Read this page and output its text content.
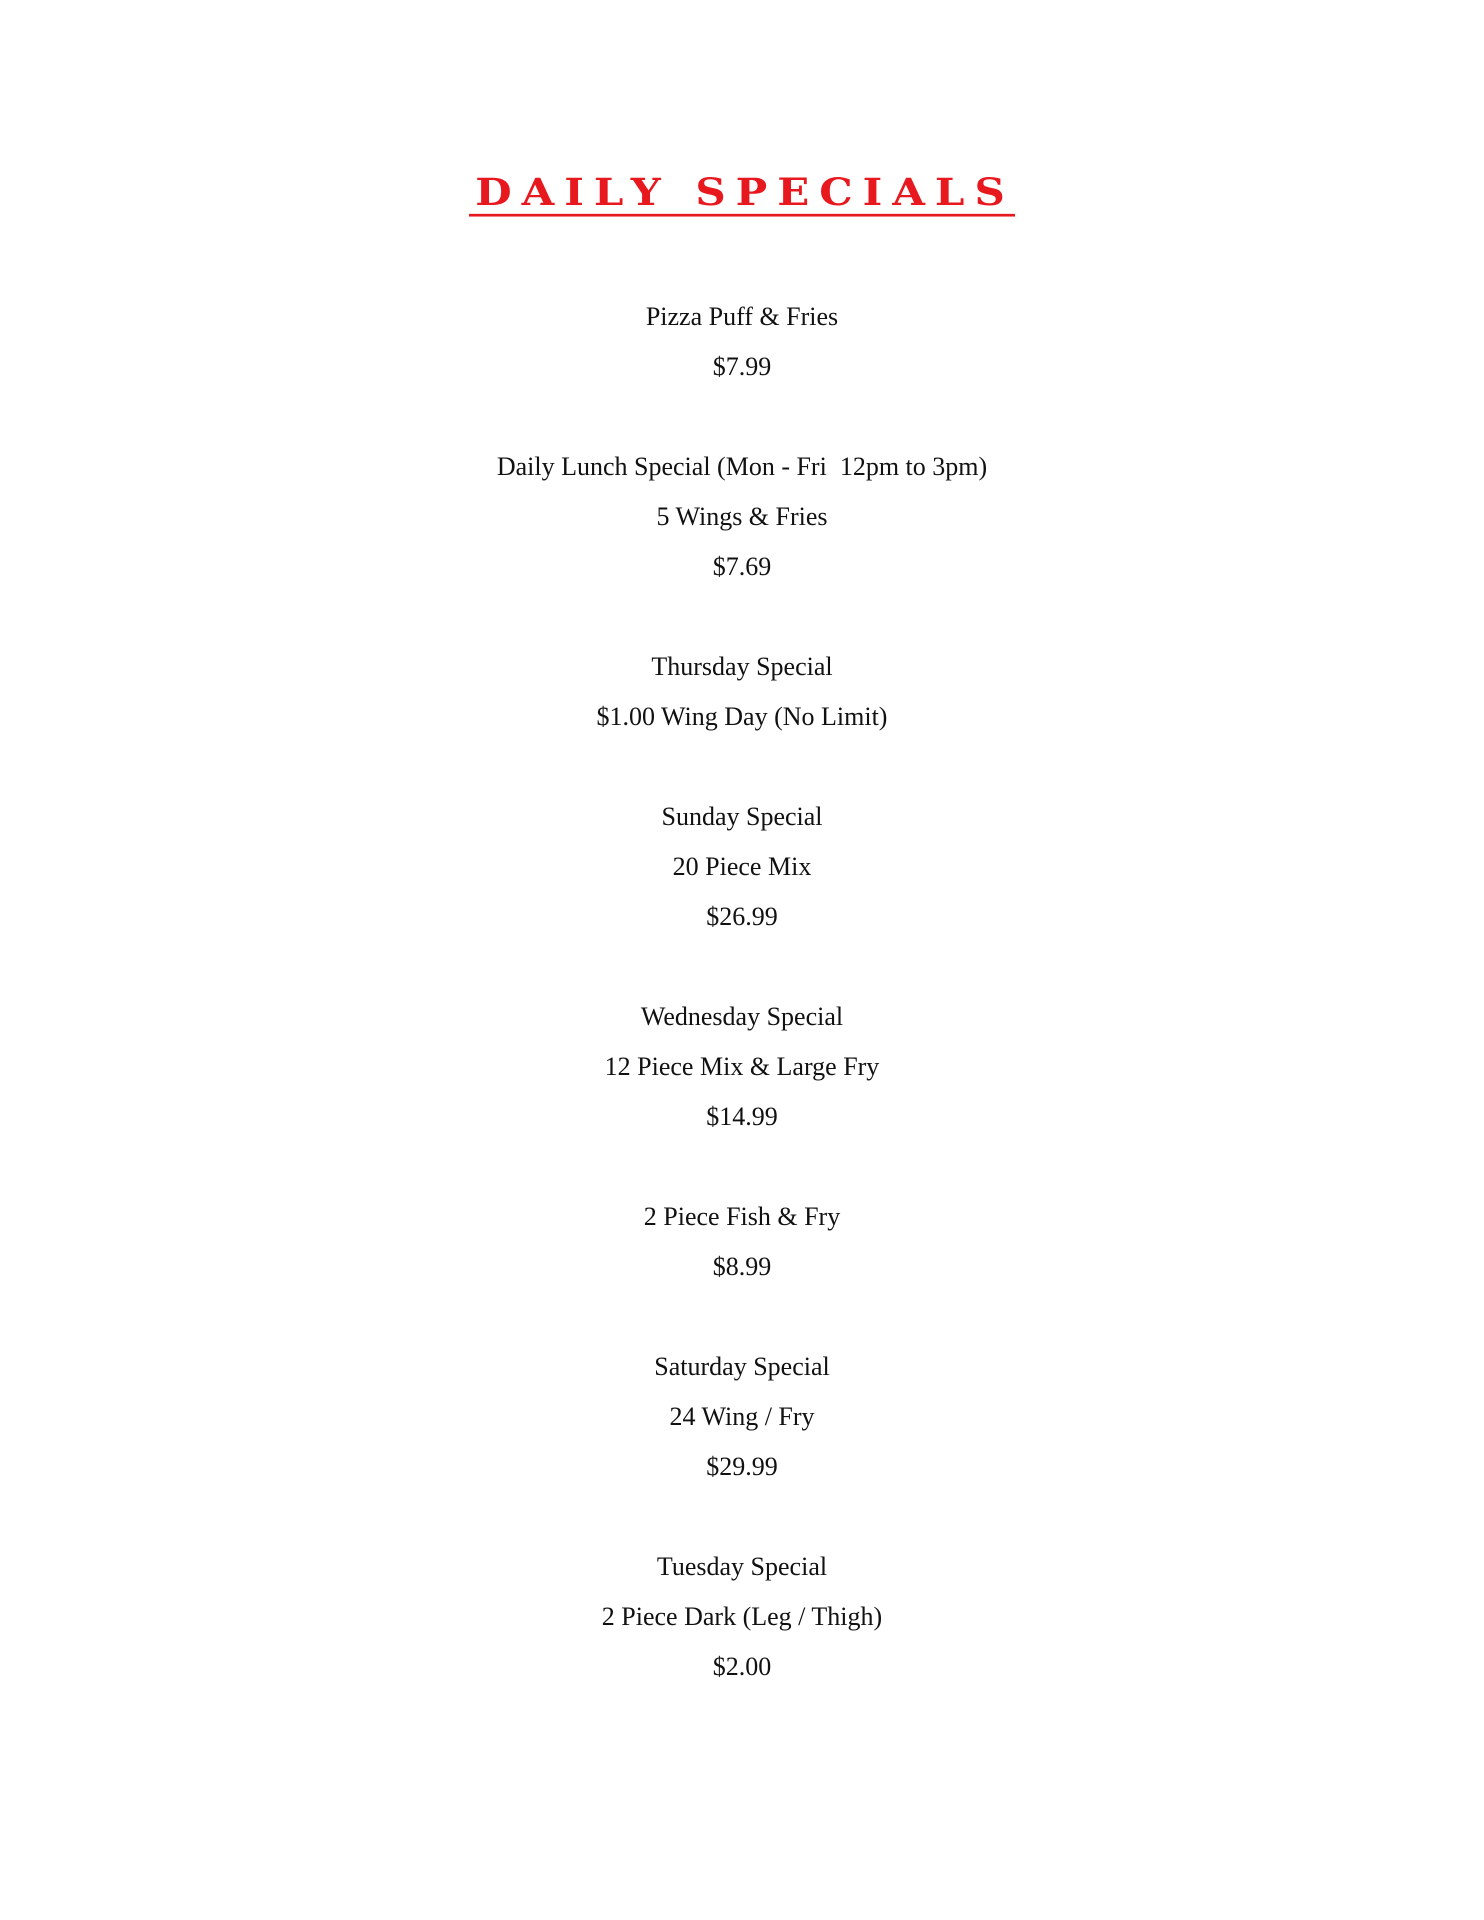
DAILY SPECIALS
Pizza Puff & Fries
$7.99
Daily Lunch Special (Mon - Fri  12pm to 3pm)
5 Wings & Fries
$7.69
Thursday Special
$1.00 Wing Day (No Limit)
Sunday Special
20 Piece Mix
$26.99
Wednesday Special
12 Piece Mix & Large Fry
$14.99
2 Piece Fish & Fry
$8.99
Saturday Special
24 Wing / Fry
$29.99
Tuesday Special
2 Piece Dark (Leg / Thigh)
$2.00
